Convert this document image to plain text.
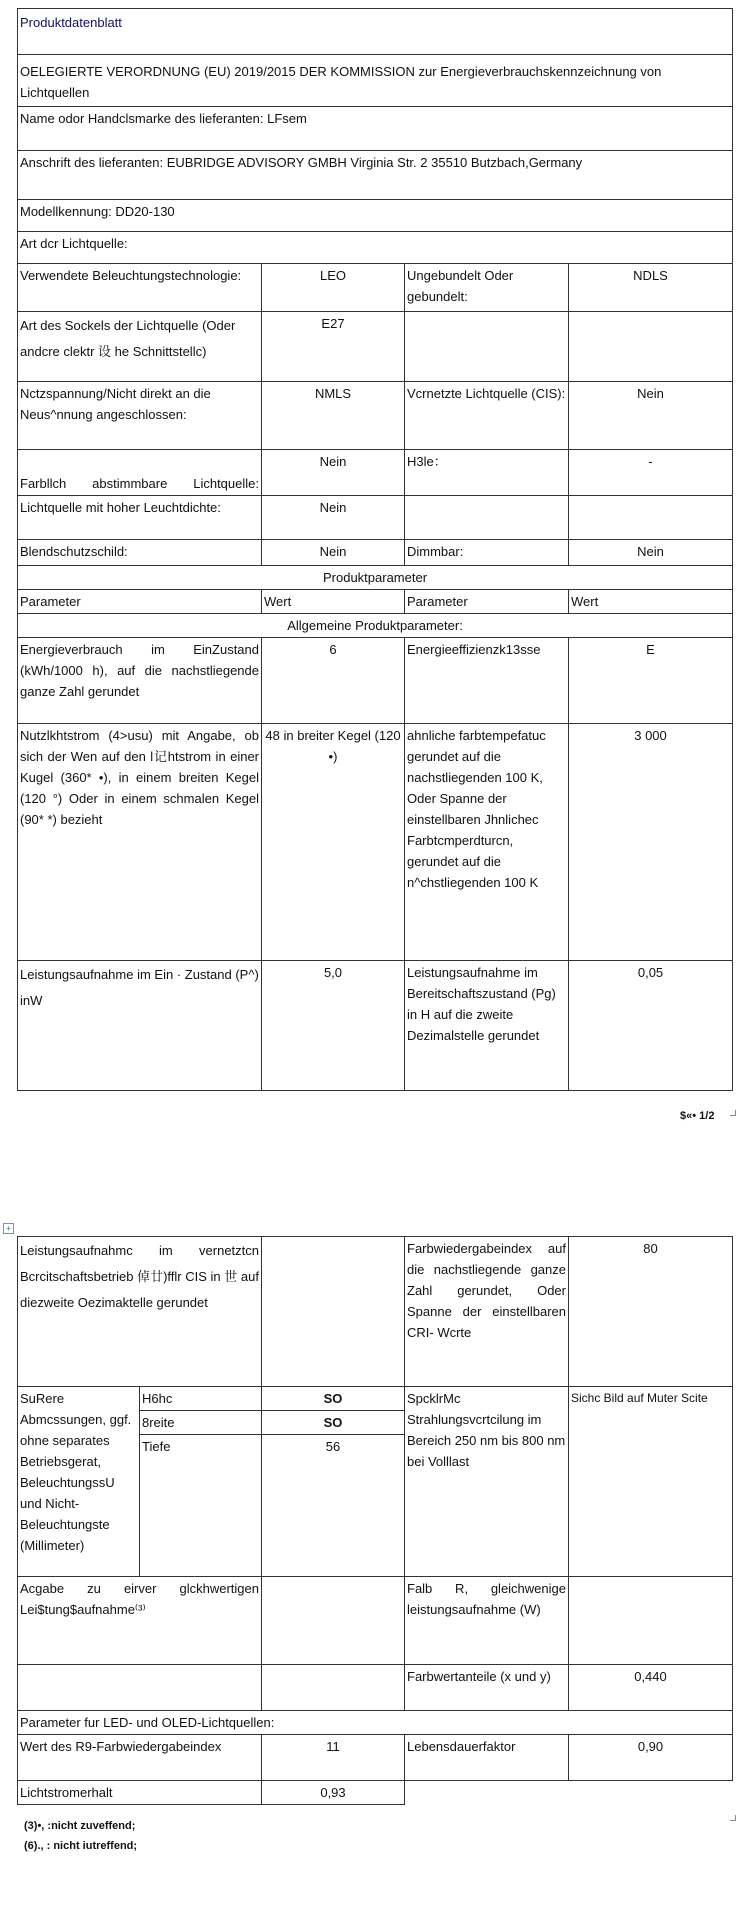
Produktdatenblatt			
OELEGIERTE VERORDNUNG (EU) 2019/2015 DER KOMMISSION zur Energieverbrauchskennzeichnung von Lichtquellen			
Name odor Handclsmarke des lieferanten: LFsem			
Anschrift des lieferanten: EUBRIDGE ADVISORY GMBH Virginia Str. 2 35510 Butzbach,Germany			
Modellkennung: DD20-130			
Art dcr Lichtquelle:			
Verwendete Beleuchtungstechnologie:	LEO	Ungebundelt Oder gebundelt:	NDLS
Art des Sockels der Lichtquelle (Oder andcre clektr 设 he Schnittstellc)	E27		
Nctzspannung/Nicht direkt an die Neus^nnung angeschlossen:	NMLS	Vcrnetzte Lichtquelle (CIS):	Nein
Farbllch abstimmbare Lichtquelle:	Nein	H3le：	-
Lichtquelle mit hoher Leuchtdichte:	Nein		
Blendschutzschild:	Nein	Dimmbar:	Nein
Produktparameter			
Parameter	Wert	Parameter	Wert
Allgemeine Produktparameter:			
Energieverbrauch im EinZustand (kWh/1000 h), auf die nachstliegende ganze Zahl gerundet	6	Energieeffizienzk13sse	E
Nutzlkhtstrom (4>usu) mit Angabe, ob sich der Wen auf den l记htstrom in einer Kugel (360* •), in einem breiten Kegel (120 °) Oder in einem schmalen Kegel (90* *) bezieht	48 in breiter Kegel (120 •)	ahnliche farbtempefatuc gerundet auf die nachstliegenden 100 K, Oder Spanne der einstellbaren Jhnlichec Farbtcmperdturcn, gerundet auf die n^chstliegenden 100 K	3 000
Leistungsaufnahme im Ein · Zustand (P^) inW	5,0	Leistungsaufnahme im Bereitschaftszustand (Pg) in H auf die zweite Dezimalstelle gerundet	0,05
$«• 1/2
+
Leistungsaufnahmc im vernetztcn Bcrcitschaftsbetrieb 倬廿)fflr CIS in 世 auf diezweite Oezimaktelle gerundet			Farbwiedergabeindex auf die nachstliegende ganze Zahl gerundet, Oder Spanne der einstellbaren CRI- Wcrte	80
SuRere Abmcssungen, ggf. ohne separates Betriebsgerat, BeleuchtungssU und Nicht-Beleuchtungste (Millimeter)	H6hc	SO	SpcklrMc Strahlungsvcrtcilung im Bereich 250 nm bis 800 nm bei Volllast	Sichc Bild auf Muter Scite
	8reite	SO		
	Tiefe	56		
Acgabe zu eirver glckhwertigen Lei$tung$aufnahme⁽³⁾			Falb R, gleichwenige leistungsaufnahme (W)	
			Farbwertanteile (x und y)	0,440
Parameter fur LED- und OLED-Lichtquellen:				
Wert des R9-Farbwiedergabeindex		11	Lebensdauerfaktor	0,90
Lichtstromerhalt		0,93		
(3)•, :nicht zuveffend;
(6)., : nicht iutreffend;
